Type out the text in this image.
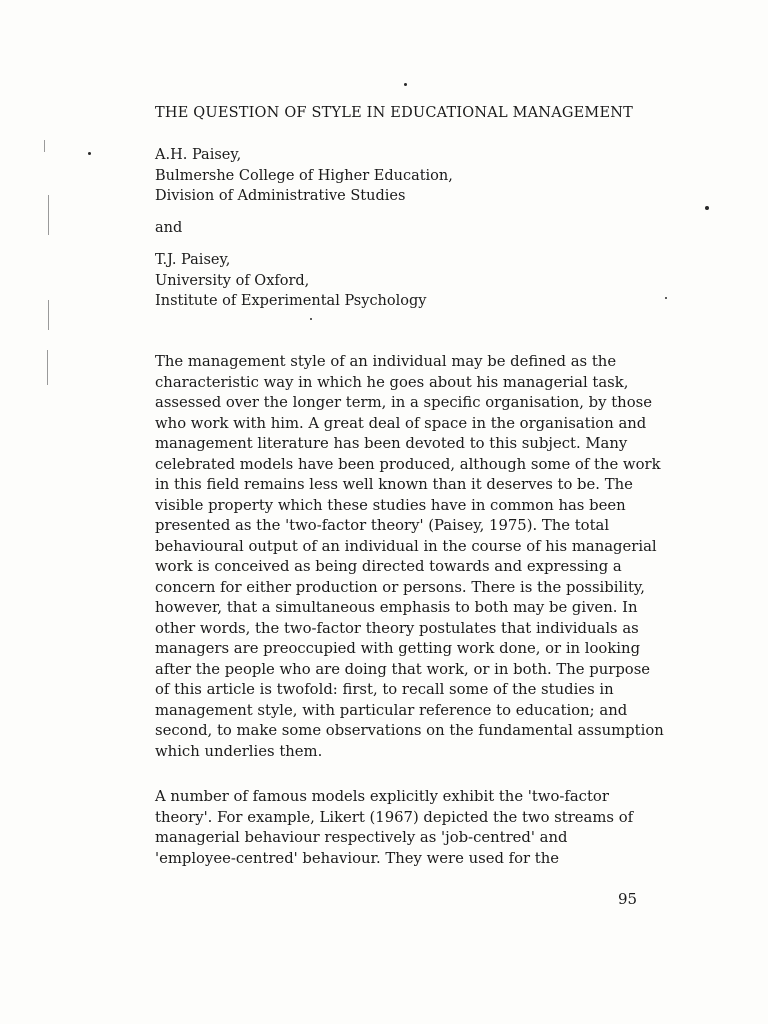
THE QUESTION OF STYLE IN EDUCATIONAL MANAGEMENT
A.H. Paisey,
Bulmershe College of Higher Education,
Division of Administrative Studies
and
T.J. Paisey,
University of Oxford,
Institute of Experimental Psychology
The management style of an individual may be defined as the
characteristic way in which he goes about his managerial task,
assessed over the longer term, in a specific organisation, by those
who work with him. A great deal of space in the organisation and
management literature has been devoted to this subject. Many
celebrated models have been produced, although some of the work
in this field remains less well known than it deserves to be. The
visible property which these studies have in common has been
presented as the 'two-factor theory' (Paisey, 1975). The total
behavioural output of an individual in the course of his managerial
work is conceived as being directed towards and expressing a
concern for either production or persons. There is the possibility,
however, that a simultaneous emphasis to both may be given. In
other words, the two-factor theory postulates that individuals as
managers are preoccupied with getting work done, or in looking
after the people who are doing that work, or in both. The purpose
of this article is twofold: first, to recall some of the studies in
management style, with particular reference to education; and
second, to make some observations on the fundamental assumption
which underlies them.
A number of famous models explicitly exhibit the 'two-factor
theory'. For example, Likert (1967) depicted the two streams of
managerial behaviour respectively as 'job-centred' and
'employee-centred' behaviour. They were used for the
95
